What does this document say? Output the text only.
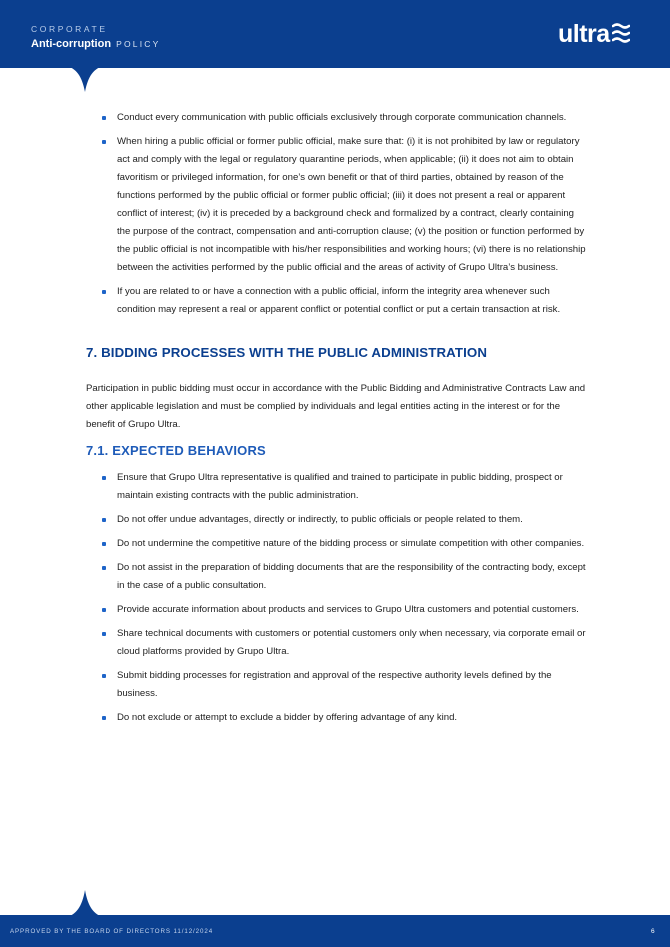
CORPORATE
Anti-corruption POLICY	ultra
Conduct every communication with public officials exclusively through corporate communication channels.
When hiring a public official or former public official, make sure that: (i) it is not prohibited by law or regulatory act and comply with the legal or regulatory quarantine periods, when applicable; (ii) it does not aim to obtain favoritism or privileged information, for one’s own benefit or that of third parties, obtained by reason of the functions performed by the public official or former public official; (iii) it does not present a real or apparent conflict of interest; (iv) it is preceded by a background check and formalized by a contract, clearly containing the purpose of the contract, compensation and anti-corruption clause; (v) the position or function performed by the public official is not incompatible with his/her responsibilities and working hours; (vi) there is no relationship between the activities performed by the public official and the areas of activity of Grupo Ultra’s business.
If you are related to or have a connection with a public official, inform the integrity area whenever such condition may represent a real or apparent conflict or potential conflict or put a certain transaction at risk.
7. BIDDING PROCESSES WITH THE PUBLIC ADMINISTRATION

Participation in public bidding must occur in accordance with the Public Bidding and Administrative Contracts Law and other applicable legislation and must be complied by individuals and legal entities acting in the interest or for the benefit of Grupo Ultra.

7.1. EXPECTED BEHAVIORS
Ensure that Grupo Ultra representative is qualified and trained to participate in public bidding, prospect or maintain existing contracts with the public administration.
Do not offer undue advantages, directly or indirectly, to public officials or people related to them.
Do not undermine the competitive nature of the bidding process or simulate competition with other companies.
Do not assist in the preparation of bidding documents that are the responsibility of the contracting body, except in the case of a public consultation.
Provide accurate information about products and services to Grupo Ultra customers and potential customers.
Share technical documents with customers or potential customers only when necessary, via corporate email or cloud platforms provided by Grupo Ultra.
Submit bidding processes for registration and approval of the respective authority levels defined by the business.
Do not exclude or attempt to exclude a bidder by offering advantage of any kind.
APPROVED BY THE BOARD OF DIRECTORS 11/12/2024	6
